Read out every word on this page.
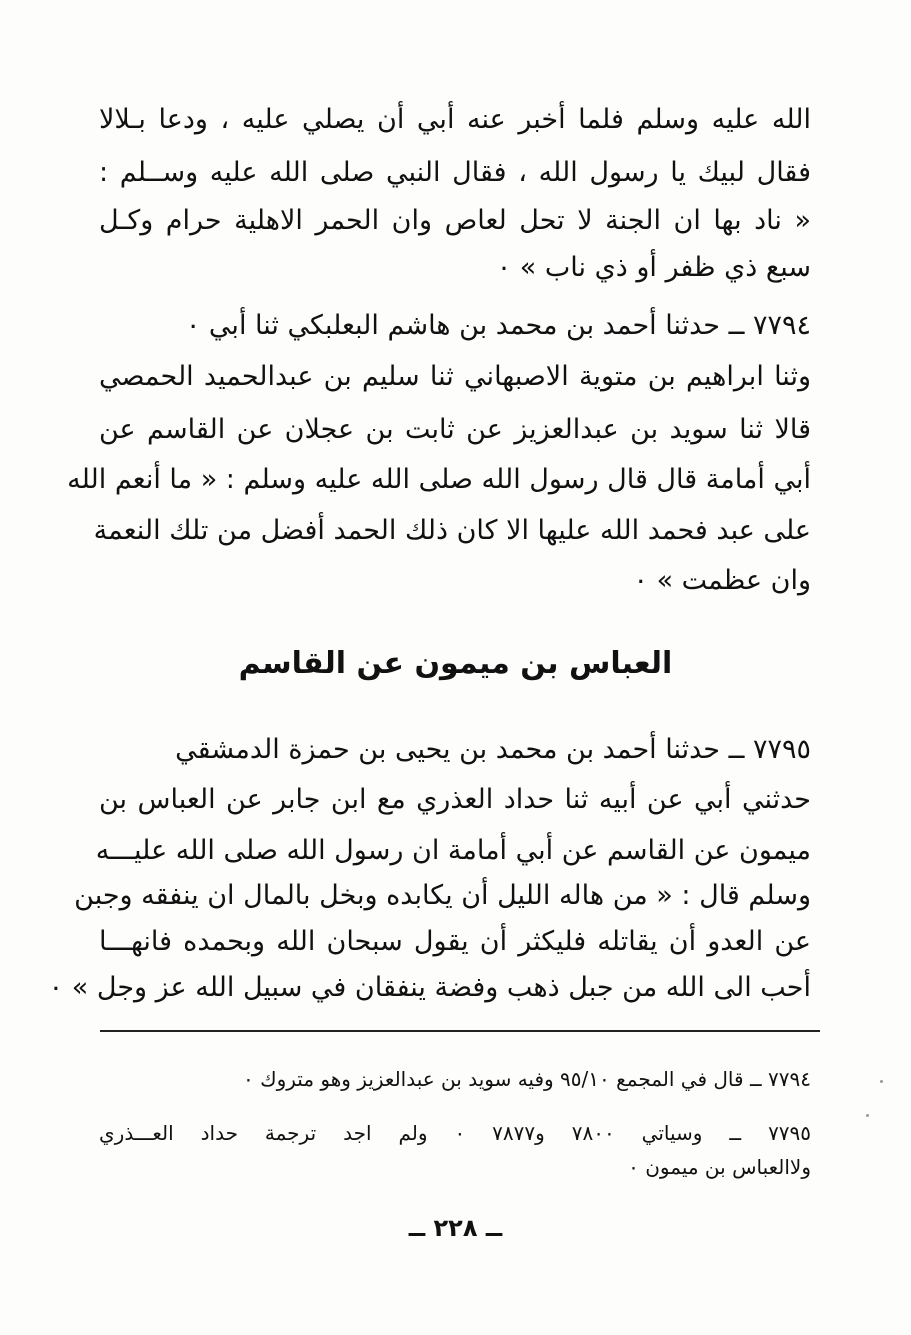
الله عليه وسلم فلما أخبر عنه أبي أن يصلي عليه ، ودعا بـلالا
فقال لبيك يا رسول الله ، فقال النبي صلى الله عليه وســلم :
« ناد بها ان الجنة لا تحل لعاص وان الحمر الاهلية حرام وكـل
سبع ذي ظفر أو ذي ناب » ٠
٧٧٩٤ ــ حدثنا أحمد بن محمد بن هاشم البعلبكي ثنا أبي ٠
وثنا ابراهيم بن متوية الاصبهاني ثنا سليم بن عبدالحميد الحمصي
قالا ثنا سويد بن عبدالعزيز عن ثابت بن عجلان عن القاسم عن
أبي أمامة قال قال رسول الله صلى الله عليه وسلم : « ما أنعم الله
على عبد فحمد الله عليها الا كان ذلك الحمد أفضل من تلك النعمة
وان عظمت » ٠
العباس بن ميمون عن القاسم
٧٧٩٥ ــ حدثنا أحمد بن محمد بن يحيى بن حمزة الدمشقي
حدثني أبي عن أبيه ثنا حداد العذري مع ابن جابر عن العباس بن
ميمون عن القاسم عن أبي أمامة ان رسول الله صلى الله عليـــه
وسلم قال : « من هاله الليل أن يكابده وبخل بالمال ان ينفقه وجبن
عن العدو أن يقاتله فليكثر أن يقول سبحان الله وبحمده فانهـــا
أحب الى الله من جبل ذهب وفضة ينفقان في سبيل الله عز وجل » ٠
٧٧٩٤ ــ قال في المجمع ٩٥/١٠ وفيه سويد بن عبدالعزيز وهو متروك ٠
٧٧٩٥ ــ وسياتي ٧٨٠٠ و٧٨٧٧ ٠ ولم اجد ترجمة حداد العـــذري
ولاالعباس بن ميمون ٠
ــ ٢٢٨ ــ
